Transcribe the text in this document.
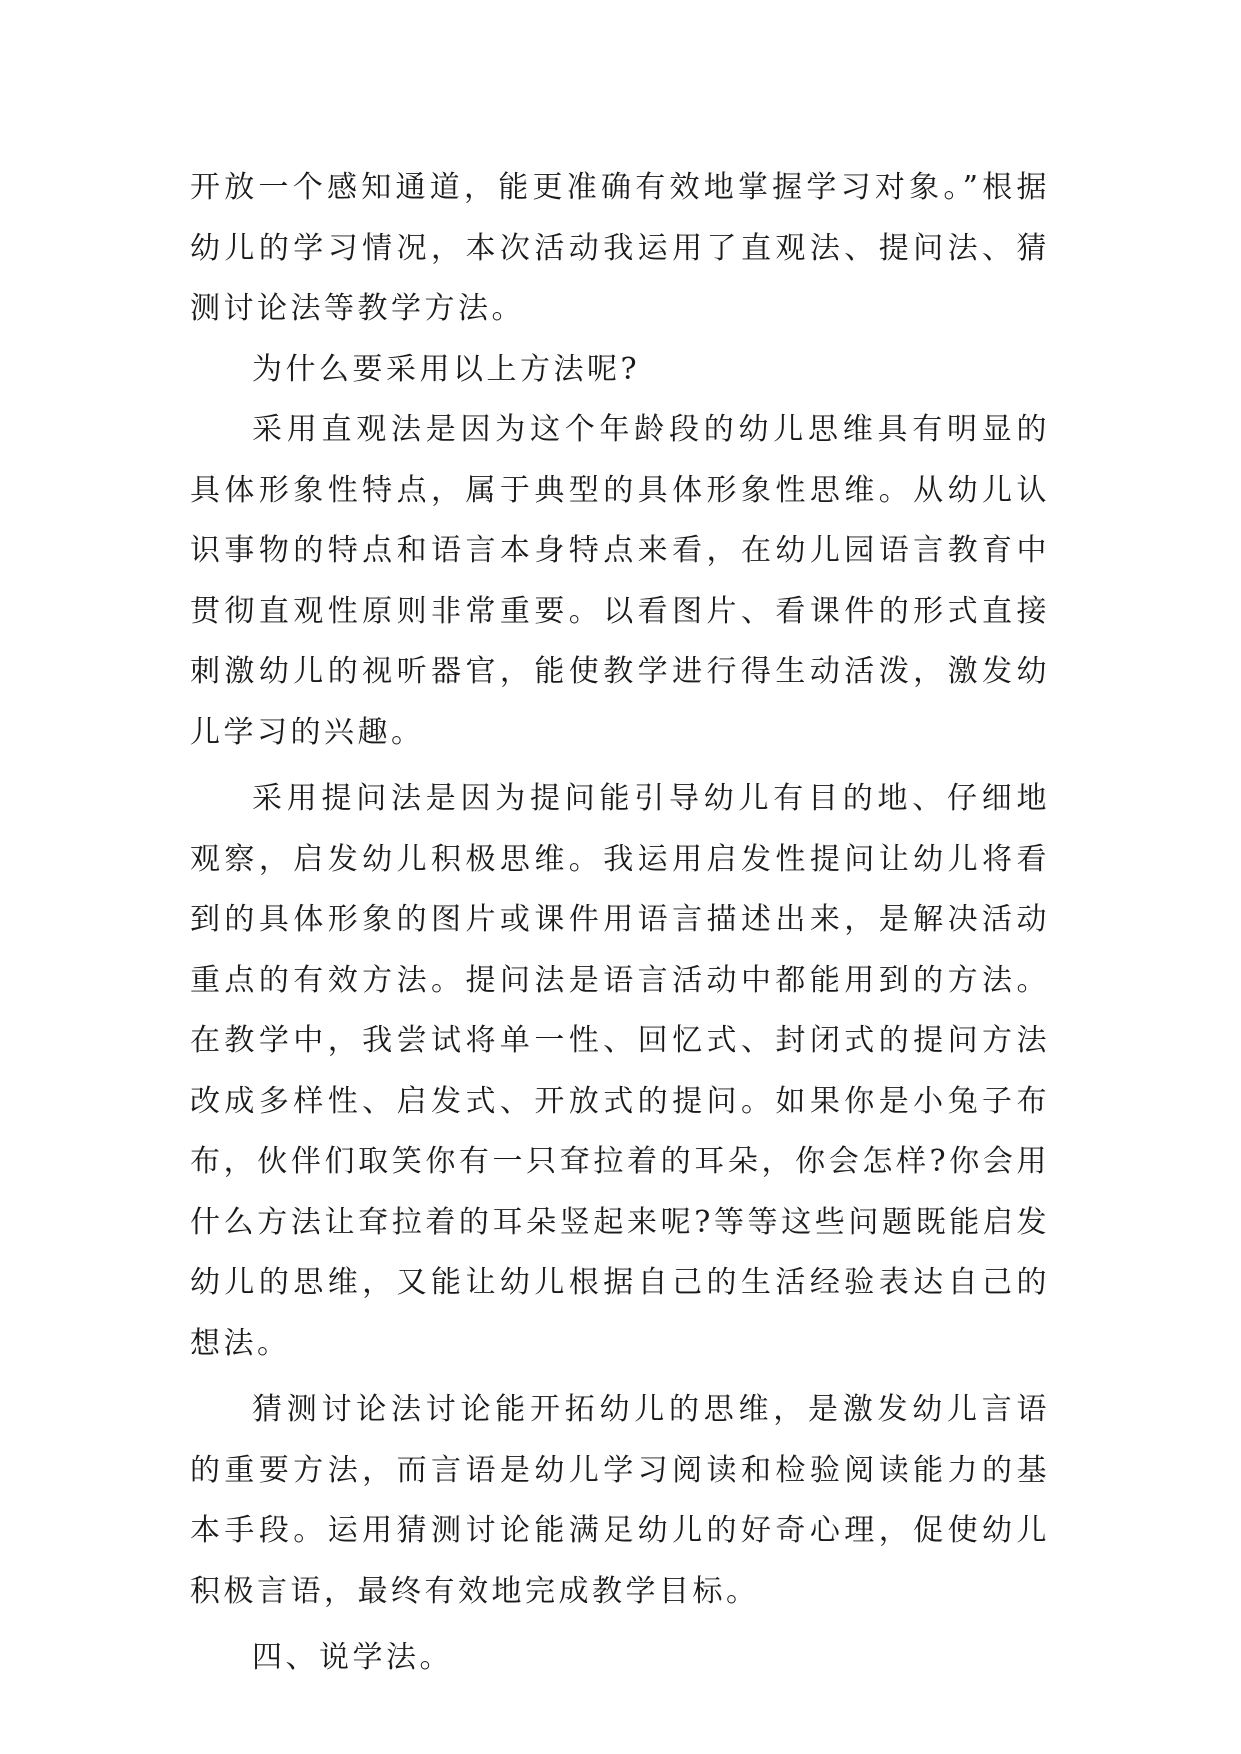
开放一个感知通道，能更准确有效地掌握学习对象。”根据幼儿的学习情况，本次活动我运用了直观法、提问法、猜测讨论法等教学方法。

为什么要采用以上方法呢?

采用直观法是因为这个年龄段的幼儿思维具有明显的具体形象性特点，属于典型的具体形象性思维。从幼儿认识事物的特点和语言本身特点来看，在幼儿园语言教育中贯彻直观性原则非常重要。以看图片、看课件的形式直接刺激幼儿的视听器官，能使教学进行得生动活泼，激发幼儿学习的兴趣。

采用提问法是因为提问能引导幼儿有目的地、仔细地观察，启发幼儿积极思维。我运用启发性提问让幼儿将看到的具体形象的图片或课件用语言描述出来，是解决活动重点的有效方法。提问法是语言活动中都能用到的方法。在教学中，我尝试将单一性、回忆式、封闭式的提问方法改成多样性、启发式、开放式的提问。如果你是小兔子布布，伙伴们取笑你有一只耷拉着的耳朵，你会怎样?你会用什么方法让耷拉着的耳朵竖起来呢?等等这些问题既能启发幼儿的思维，又能让幼儿根据自己的生活经验表达自己的想法。

猜测讨论法讨论能开拓幼儿的思维，是激发幼儿言语的重要方法，而言语是幼儿学习阅读和检验阅读能力的基本手段。运用猜测讨论能满足幼儿的好奇心理，促使幼儿积极言语，最终有效地完成教学目标。

四、说学法。
